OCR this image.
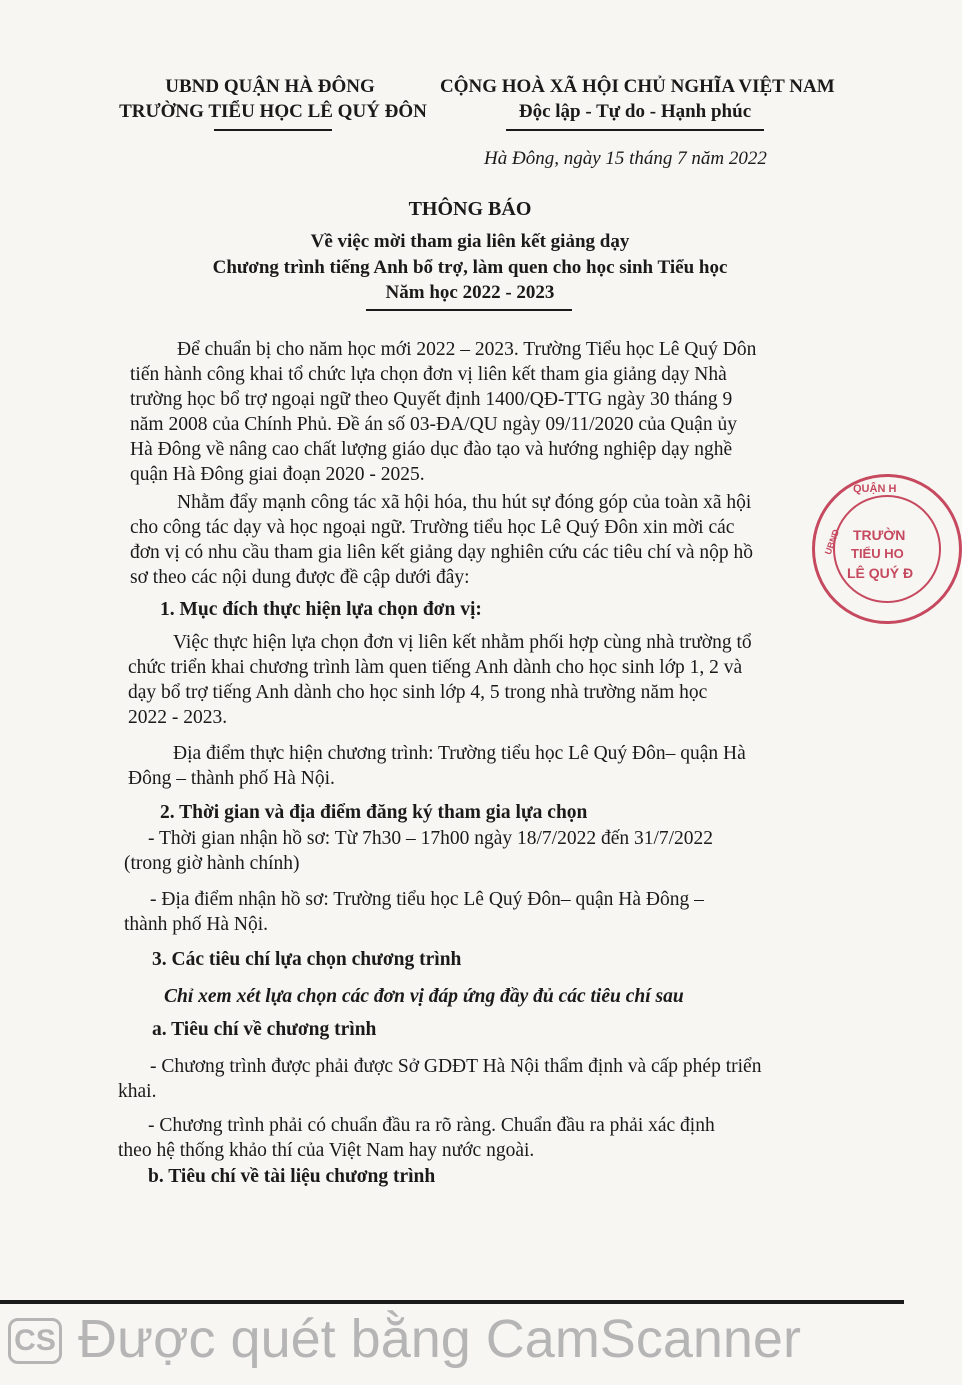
UBND QUẬN HÀ ĐÔNG
TRƯỜNG TIỂU HỌC LÊ QUÝ ĐÔN
CỘNG HOÀ XÃ HỘI CHỦ NGHĨA VIỆT NAM
Độc lập - Tự do - Hạnh phúc
Hà Đông, ngày 15 tháng 7 năm 2022
THÔNG BÁO
Về việc mời tham gia liên kết giảng dạy
Chương trình tiếng Anh bổ trợ, làm quen cho học sinh Tiểu học
Năm học 2022 - 2023
Để chuẩn bị cho năm học mới 2022 – 2023. Trường Tiểu học Lê Quý Dôn
tiến hành công khai tổ chức lựa chọn đơn vị liên kết tham gia giảng dạy Nhà
trường học bổ trợ ngoại ngữ theo Quyết định 1400/QĐ-TTG ngày 30 tháng 9
năm 2008 của Chính Phủ. Đề án số 03-ĐA/QU ngày 09/11/2020 của Quận ủy
Hà Đông về nâng cao chất lượng giáo dục đào tạo và hướng nghiệp dạy nghề
quận Hà Đông giai đoạn 2020 - 2025.
Nhằm đẩy mạnh công tác xã hội hóa, thu hút sự đóng góp của toàn xã hội
cho công tác dạy và học ngoại ngữ. Trường tiểu học Lê Quý Đôn xin mời các
đơn vị có nhu cầu tham gia liên kết giảng dạy nghiên cứu các tiêu chí và nộp hồ
sơ theo các nội dung được đề cập dưới đây:
QUẬN H
UBND TRƯỜN
TIỂU HO
LÊ QUÝ Đ
1. Mục đích thực hiện lựa chọn đơn vị:
Việc thực hiện lựa chọn đơn vị liên kết nhằm phối hợp cùng nhà trường tổ
chức triển khai chương trình làm quen tiếng Anh dành cho học sinh lớp 1, 2 và
dạy bổ trợ tiếng Anh dành cho học sinh lớp 4, 5 trong nhà trường năm học
2022 - 2023.
Địa điểm thực hiện chương trình: Trường tiểu học Lê Quý Đôn– quận Hà
Đông – thành phố Hà Nội.
2. Thời gian và địa điểm đăng ký tham gia lựa chọn
- Thời gian nhận hồ sơ: Từ 7h30 – 17h00 ngày 18/7/2022 đến 31/7/2022
(trong giờ hành chính)
- Địa điểm nhận hồ sơ: Trường tiểu học Lê Quý Đôn– quận Hà Đông –
thành phố Hà Nội.
3. Các tiêu chí lựa chọn chương trình
Chỉ xem xét lựa chọn các đơn vị đáp ứng đầy đủ các tiêu chí sau
a. Tiêu chí về chương trình
- Chương trình được phải được Sở GDĐT Hà Nội thẩm định và cấp phép triển
khai.
- Chương trình phải có chuẩn đầu ra rõ ràng. Chuẩn đầu ra phải xác định
theo hệ thống khảo thí của Việt Nam hay nước ngoài.
b. Tiêu chí về tài liệu chương trình
CS Được quét bằng CamScanner
